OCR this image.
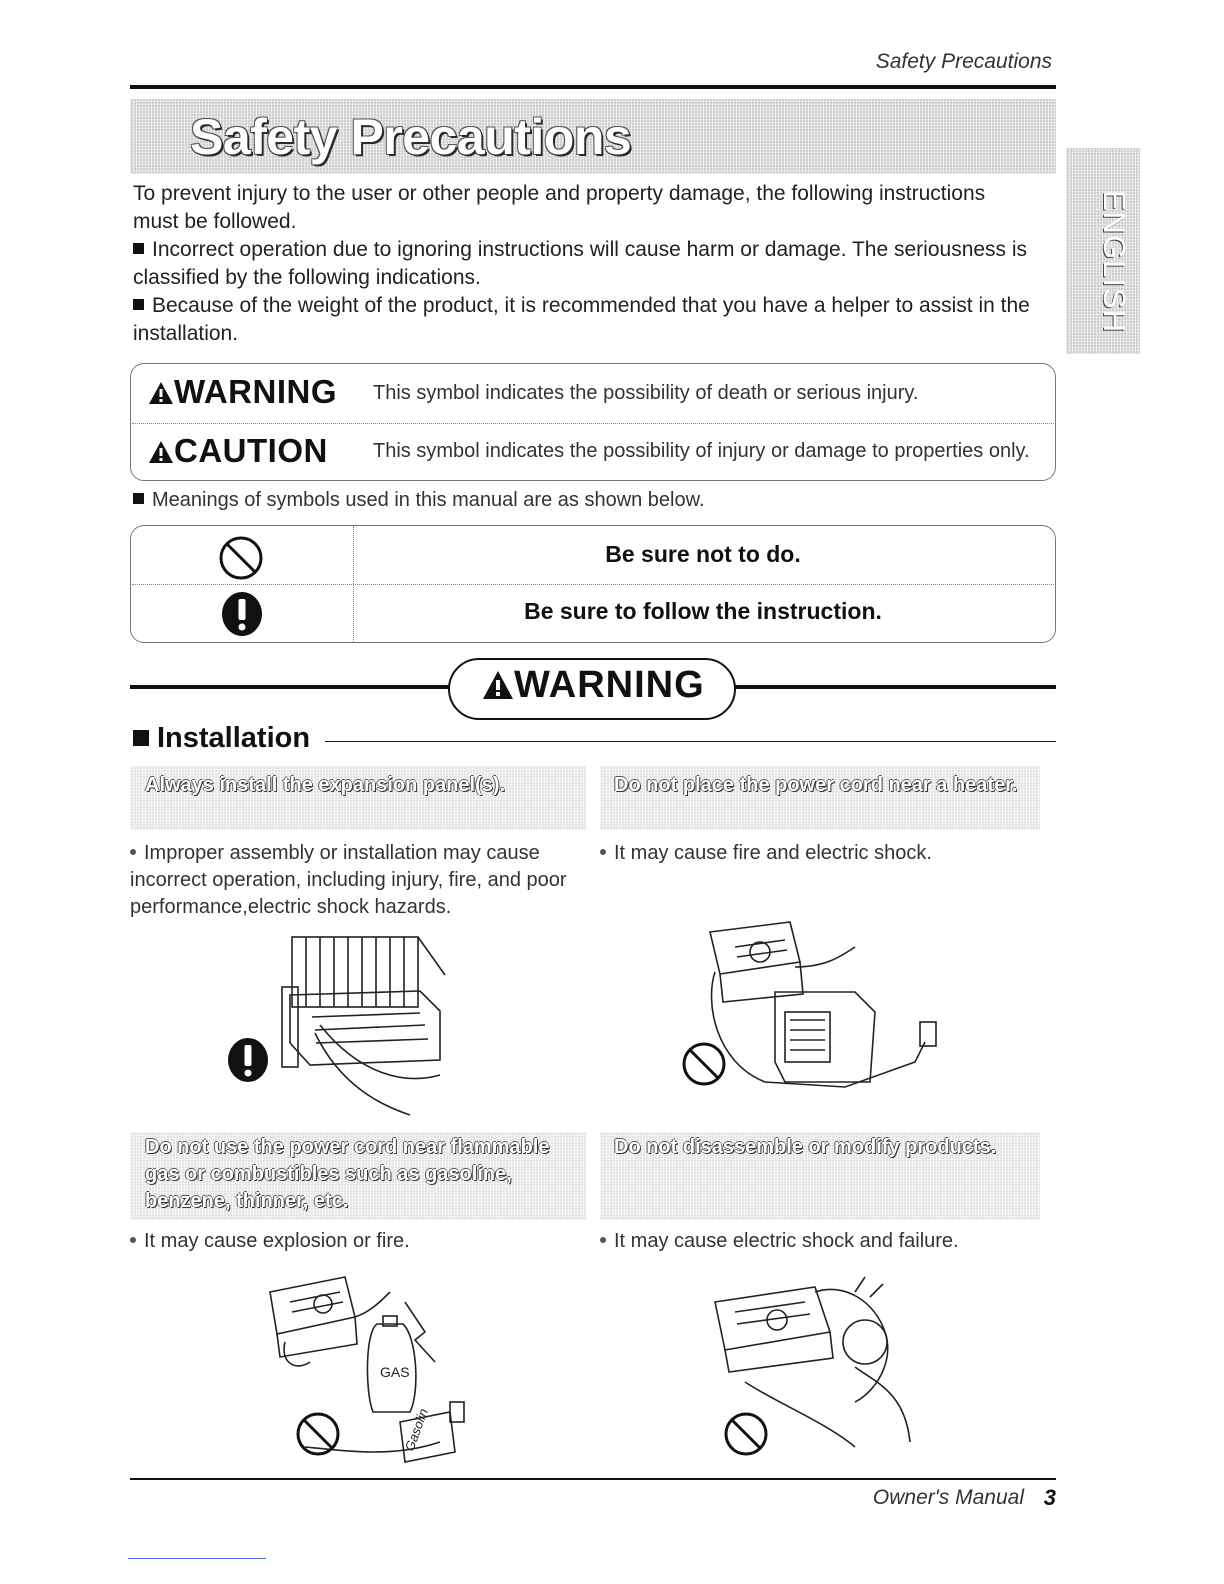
Safety Precautions
Safety Precautions
ENGLISH
To prevent injury to the user or other people and property damage, the following instructions must be followed.
Incorrect operation due to ignoring instructions will cause harm or damage. The seriousness is classified by the following indications.
Because of the weight of the product, it is recommended that you have a helper to assist in the installation.
WARNING This symbol indicates the possibility of death or serious injury.
CAUTION This symbol indicates the possibility of injury or damage to properties only.
Meanings of symbols used in this manual are as shown below.
Be sure not to do.
Be sure to follow the instruction.
WARNING
Installation
Always install the expansion panel(s).
Improper assembly or installation may cause incorrect operation, including injury, fire, and poor performance,electric shock hazards.
Do not place the power cord near a heater.
It may cause fire and electric shock.
Do not use the power cord near flammable gas or combustibles such as gasoline, benzene, thinner, etc.
It may cause explosion or fire.
Do not disassemble or modify products.
It may cause electric shock and failure.
GAS
Gasolin
Owner's Manual 3
